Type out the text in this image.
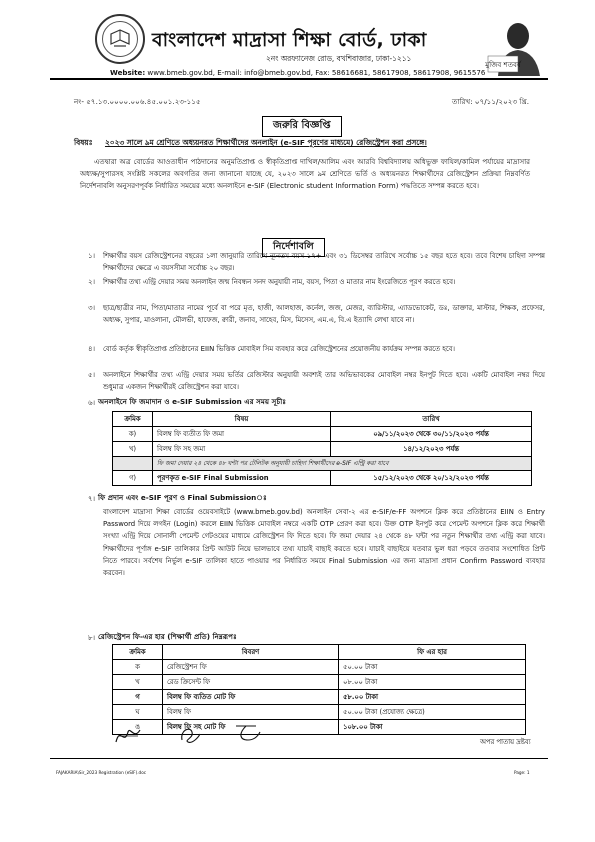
বাংলাদেশ মাদ্রাসা শিক্ষা বোর্ড, ঢাকা
২নং অরফ্যানেজ রোড, বখশিবাজার, ঢাকা-১২১১
Website: www.bmeb.gov.bd, E-mail: info@bmeb.gov.bd, Fax: 58616681, 58617908, 58617908, 9615576
মুজিব শতবর্ষ
নং- ৫৭.১৩.০০০০.০০৬.৪৫.০০১.২৩-১১৫	তারিখ: ০৭/১১/২০২৩ খ্রি.
জরুরি বিজ্ঞপ্তি
বিষয়ঃ ২০২৩ সালে ৯ম শ্রেণিতে অধ্যয়নরত শিক্ষার্থীদের অনলাইন (e-SIF পূরণের মাধ্যমে) রেজিস্ট্রেশন করা প্রসঙ্গে।

এতদ্বারা অত্র বোর্ডের আওতাধীন পাঠদানের অনুমতিপ্রাপ্ত ও স্বীকৃতিপ্রাপ্ত দাখিল/আলিম এবং আরবি বিশ্ববিদ্যালয় অধিভুক্ত ফাযিল/কামিল পর্যায়ের মাদ্রাসার অধ্যক্ষ/সুপারসহ সংশ্লিষ্ট সকলের অবগতির জন্য জানানো যাচ্ছে যে, ২০২৩ সালে ৯ম শ্রেণিতে ভর্তি ও অধ্যয়নরত শিক্ষার্থীদের রেজিস্ট্রেশন প্রক্রিয়া নিম্নবর্ণিত নির্দেশনাবলি অনুসরণপূর্বক নির্ধারিত সময়ের মধ্যে অনলাইনে e-SIF (Electronic student Information Form) পদ্ধতিতে সম্পন্ন করতে হবে।

নির্দেশাবলি
১। শিক্ষার্থীর বয়স রেজিস্ট্রেশনের বছরের ১লা জানুয়ারি তারিখে ন্যূনতম বয়স ১৭+ এবং ৩১ ডিসেম্বর তারিখে সর্বোচ্চ ১৫ বছর হতে হবে। তবে বিশেষ চাহিদা সম্পন্ন শিক্ষার্থীদের ক্ষেত্রে এ বয়সসীমা সর্বোচ্চ ২০ বছর।

২। শিক্ষার্থীর তথ্য এন্ট্রি দেয়ার সময় অনলাইন জন্ম নিবন্ধন সনদ অনুযায়ী নাম, বয়স, পিতা ও মাতার নাম ইংরেজিতে পূরণ করতে হবে।

৩। ছাত্র/ছাত্রীর নাম, পিতা/মাতার নামের পূর্বে বা পরে মৃত, হাজী, আলহাজ, কর্নেল, জজ, মেজর, ব্যারিস্টার, এ্যাডভোকেট, ডঃ, ডাক্তার, মাস্টার, শিক্ষক, প্রফেসর, অধ্যক্ষ, সুপার, মাওলানা, মৌলভী, হাফেজ, ক্বারী, জনাব, সাহেব, মিস, মিসেস, এম.এ, বি.এ ইত্যাদি লেখা যাবে না।

৪। বোর্ড কর্তৃক স্বীকৃতিপ্রাপ্ত প্রতিষ্ঠানের EIIN ভিত্তিক মোবাইল সিম ব্যবহার করে রেজিস্ট্রেশনের প্রয়োজনীয় কার্যক্রম সম্পন্ন করতে হবে।

৫। অনলাইনে শিক্ষার্থীর তথ্য এন্ট্রি দেয়ার সময় ভর্তির রেজিস্টার অনুযায়ী অবশ্যই তার অভিভাবকের মোবাইল নম্বর ইনপুট দিতে হবে। একটি মোবাইল নম্বর দিয়ে শুধুমাত্র একজন শিক্ষার্থীরই রেজিস্ট্রেশন করা যাবে।

৬। অনলাইনে ফি জমাদান ও e-SIF Submission এর সময় সূচীঃ
ক্রমিক	বিষয়	তারিখ
ক)	বিলম্ব ফি ব্যতীত ফি জমা	০৯/১১/২০২৩ থেকে ৩০/১১/২০২৩ পর্যন্ত
খ)	বিলম্ব ফি সহ জমা	১৪/১২/২০২৩ পর্যন্ত
	ফি জমা দেয়ার ২৪ থেকে ৪৮ ঘন্টা পর টেলিটক অনুযায়ী চাহিদা শিক্ষার্থীদের e-SIF এন্ট্রি করা যাবে	
গ)	পূরণকৃত e-SIF Final Submission	১৫/১২/২০২৩ থেকে ২০/১২/২০২৩ পর্যন্ত
৭। ফি প্রদান এবং e-SIF পূরণ ও Final Submissionঃ

বাংলাদেশ মাদ্রাসা শিক্ষা বোর্ডের ওয়েবসাইটে (www.bmeb.gov.bd) অনলাইন সেবা-২ এর e-SIF/e-FF অপশনে ক্লিক করে প্রতিষ্ঠানের EIIN ও Entry Password দিয়ে লগইন (Login) করলে EIIN ভিত্তিক মোবাইল নম্বরে একটি OTP প্রেরণ করা হবে। উক্ত OTP ইনপুট করে পেমেন্ট অপশনে ক্লিক করে শিক্ষার্থী সংখ্যা এন্ট্রি দিয়ে সোনালী পেমেন্ট গেটওয়ের মাধ্যমে রেজিস্ট্রেশন ফি দিতে হবে। ফি জমা দেয়ার ২৪ থেকে ৪৮ ঘন্টা পর নতুন শিক্ষার্থীর তথ্য এন্ট্রি করা যাবে। শিক্ষার্থীদের পূর্ণাঙ্গ e-SIF তালিকার প্রিন্ট আউট নিয়ে ভালভাবে তথ্য যাচাই বাছাই করতে হবে। যাচাই বাছাইয়ে যতবার ভুল ধরা পড়বে ততবার সংশোধিত প্রিন্ট নিতে পারবে। সর্বশেষ নির্ভুল e-SIF তালিকা হাতে পাওয়ার পর নির্ধারিত সময়ে Final Submission এর জন্য মাদ্রাসা প্রধান Confirm Password ব্যবহার করবেন।

৮। রেজিস্ট্রেশন ফি-এর হার (শিক্ষার্থী প্রতি) নিম্নরূপঃ
ক্রমিক	বিবরণ	ফি এর হার
ক	রেজিস্ট্রেশন ফি	৫০.০০ টাকা
খ	রেড ক্রিসেন্ট ফি	০৮.০০ টাকা
গ	বিলম্ব ফি ব্যতিত মোট ফি	৫৮.০০ টাকা
ঘ	বিলম্ব ফি	৫০.০০ টাকা (প্রযোজ্য ক্ষেত্রে)
ঙ	বিলম্ব ফি সহ মোট ফি	১০৮.০০ টাকা
অপর পাতায় দ্রষ্টব্য
FAJAKARIA\Sir_2023 Registration (eSIF).doc	Page: 1
